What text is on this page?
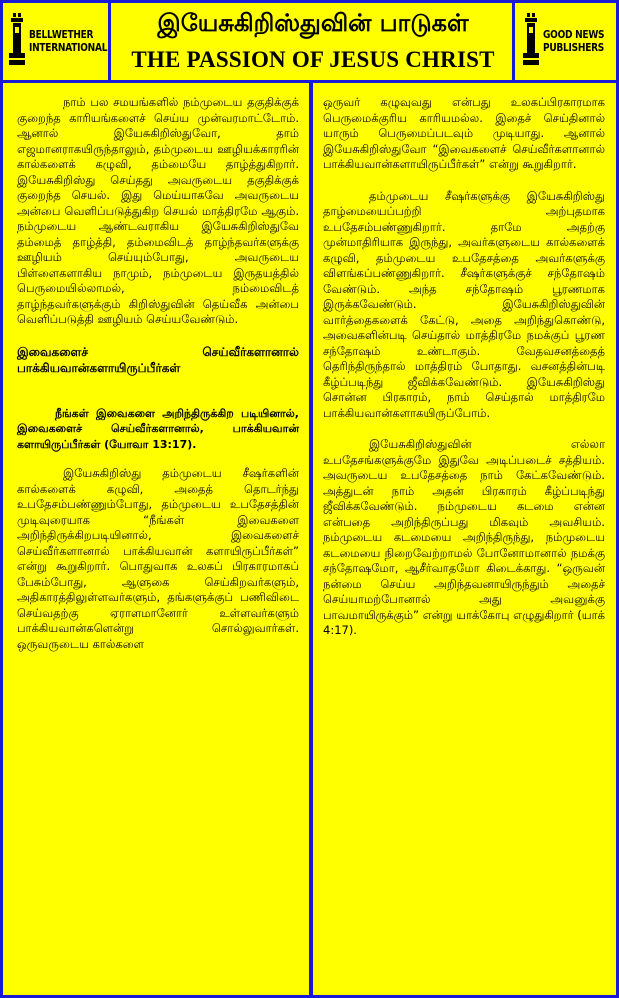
BELLWETHER INTERNATIONAL
இயேசுகிறிஸ்துவின் பாடுகள்
THE PASSION OF JESUS CHRIST
GOOD NEWS PUBLISHERS

நாம் பல சமயங்களில் நம்முடைய தகுதிக்குக் குறைந்த காரியங்களைச் செய்ய முன்வரமாட்டோம். ஆனால் இயேசுகிறிஸ்துவோ, தாம் எஜமானராகயிருந்தாலும், தம்முடைய ஊழியக்காரரின் கால்களைக் கழுவி, தம்மையே தாழ்த்துகிறார். இயேசுகிறிஸ்து செய்தது அவருடைய தகுதிக்குக் குறைந்த செயல். இது மெய்யாகவே அவருடைய அன்பை வெளிப்படுத்துகிற செயல் மாத்திரமே ஆகும். நம்முடைய ஆண்டவராகிய இயேசுகிறிஸ்துவே தம்மைத் தாழ்த்தி, தம்மைவிடத் தாழ்ந்தவர்களுக்கு ஊழியம் செய்யும்போது, அவருடைய பிள்ளைகளாகிய நாமும், நம்முடைய இருதயத்தில் பெருமையில்லாமல், நம்மைவிடத் தாழ்ந்தவர்களுக்கும் கிறிஸ்துவின் தெய்வீக அன்பை வெளிப்படுத்தி ஊழியம் செய்யவேண்டும்.

இவைகளைச் செய்வீர்களானால் பாக்கியவான்களாயிருப்பீர்கள்

நீங்கள் இவைகளை அறிந்திருக்கிற படியினால், இவைகளைச் செய்வீர்களானால், பாக்கியவான் களாயிருப்பீர்கள் (யோவா 13:17).

இயேசுகிறிஸ்து தம்முடைய சீஷர்களின் கால்களைக் கழுவி, அதைத் தொடர்ந்து உபதேசம்பண்ணும்போது, தம்முடைய உபதேசத்தின் முடிவுரையாக “நீங்கள் இவைகளை அறிந்திருக்கிறபடியினால், இவைகளைச் செய்வீர்களானால் பாக்கியவான் களாயிருப்பீர்கள்” என்று கூறுகிறார். பொதுவாக உலகப் பிரகாரமாகப் பேசும்போது, ஆளுகை செய்கிறவர்களும், அதிகாரத்திலுள்ளவர்களும், தங்களுக்குப் பணிவிடை செய்வதற்கு ஏராளமானோர் உள்ளவர்களும் பாக்கியவான்களென்று சொல்லுவார்கள். ஒருவருடைய கால்களை

ஒருவர் கழுவுவது என்பது உலகப்பிரகாரமாக பெருமைக்குரிய காரியமல்ல. இதைச் செய்தினால் யாரும் பெருமைப்படவும் முடியாது. ஆனால் இயேசுகிறிஸ்துவோ “இவைகளைச் செய்வீர்களானால் பாக்கியவான்களாயிருப்பீர்கள்” என்று கூறுகிறார்.

தம்முடைய சீஷர்களுக்கு இயேசுகிறிஸ்து தாழ்மையைப்பற்றி அற்புதமாக உபதேசம்பண்ணுகிறார். தாமே அதற்கு முன்மாதிரியாக இருந்து, அவர்களுடைய கால்களைக் கழுவி, தம்முடைய உபதேசத்தை அவர்களுக்கு விளங்கப்பண்ணுகிறார். சீஷர்களுக்குச் சந்தோஷம் வேண்டும். அந்த சந்தோஷம் பூரணமாக இருக்கவேண்டும். இயேசுகிறிஸ்துவின் வார்த்தைகளைக் கேட்டு, அதை அறிந்துகொண்டு, அவைகளின்படி செய்தால் மாத்திரமே நமக்குப் பூரண சந்தோஷம் உண்டாகும். வேதவசனத்தைத் தெரிந்திருந்தால் மாத்திரம் போதாது. வசனத்தின்படி கீழ்ப்படிந்து ஜீவிக்கவேண்டும். இயேசுகிறிஸ்து சொன்ன பிரகாரம், நாம் செய்தால் மாத்திரமே பாக்கியவான்களாகயிருப்போம்.

இயேசுகிறிஸ்துவின் எல்லா உபதேசங்களுக்குமே இதுவே அடிப்படைச் சத்தியம். அவருடைய உபதேசத்தை நாம் கேட்கவேண்டும். அத்துடன் நாம் அதன் பிரகாரம் கீழ்ப்படிந்து ஜீவிக்கவேண்டும். நம்முடைய கடமை என்ன என்பதை அறிந்திருப்பது மிகவும் அவசியம். நம்முடைய கடமையை அறிந்திருந்து, நம்முடைய கடமையை நிறைவேற்றாமல் போனோமானால் நமக்கு சந்தோஷமோ, ஆசீர்வாதமோ கிடைக்காது. “ஒருவன் நன்மை செய்ய அறிந்தவனாயிருந்தும் அதைச் செய்யாமற்போனால் அது அவனுக்கு பாவமாயிருக்கும்” என்று யாக்கோபு எழுதுகிறார் (யாக் 4:17).
